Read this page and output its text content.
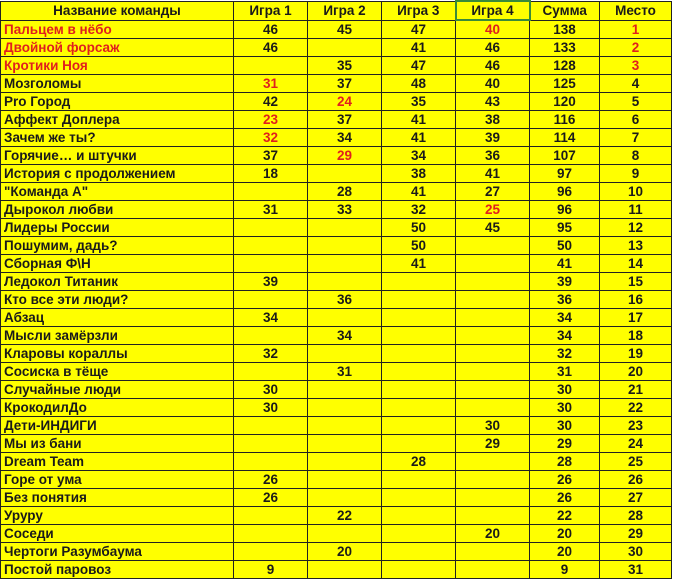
Название команды	Игра 1	Игра 2	Игра 3	Игра 4	Сумма	Место
Пальцем в нёбо	46	45	47	40	138	1
Двойной форсаж	46		41	46	133	2
Кротики Ноя		35	47	46	128	3
Мозголомы	31	37	48	40	125	4
Pro Город	42	24	35	43	120	5
Аффект Доплера	23	37	41	38	116	6
Зачем же ты?	32	34	41	39	114	7
Горячие… и штучки	37	29	34	36	107	8
История с продолжением	18		38	41	97	9
"Команда А"		28	41	27	96	10
Дырокол любви	31	33	32	25	96	11
Лидеры России			50	45	95	12
Пошумим, дадь?			50		50	13
Сборная Ф\Н			41		41	14
Ледокол Титаник	39				39	15
Кто все эти люди?		36			36	16
Абзац	34				34	17
Мысли замёрзли		34			34	18
Кларовы кораллы	32				32	19
Сосиска в тёще		31			31	20
Случайные люди	30				30	21
КрокодилДо	30				30	22
Дети-ИНДИГИ				30	30	23
Мы из бани				29	29	24
Dream Team			28		28	25
Горе от ума	26				26	26
Без понятия	26				26	27
Уруру		22			22	28
Соседи				20	20	29
Чертоги Разумбаума		20			20	30
Постой паровоз	9				9	31
